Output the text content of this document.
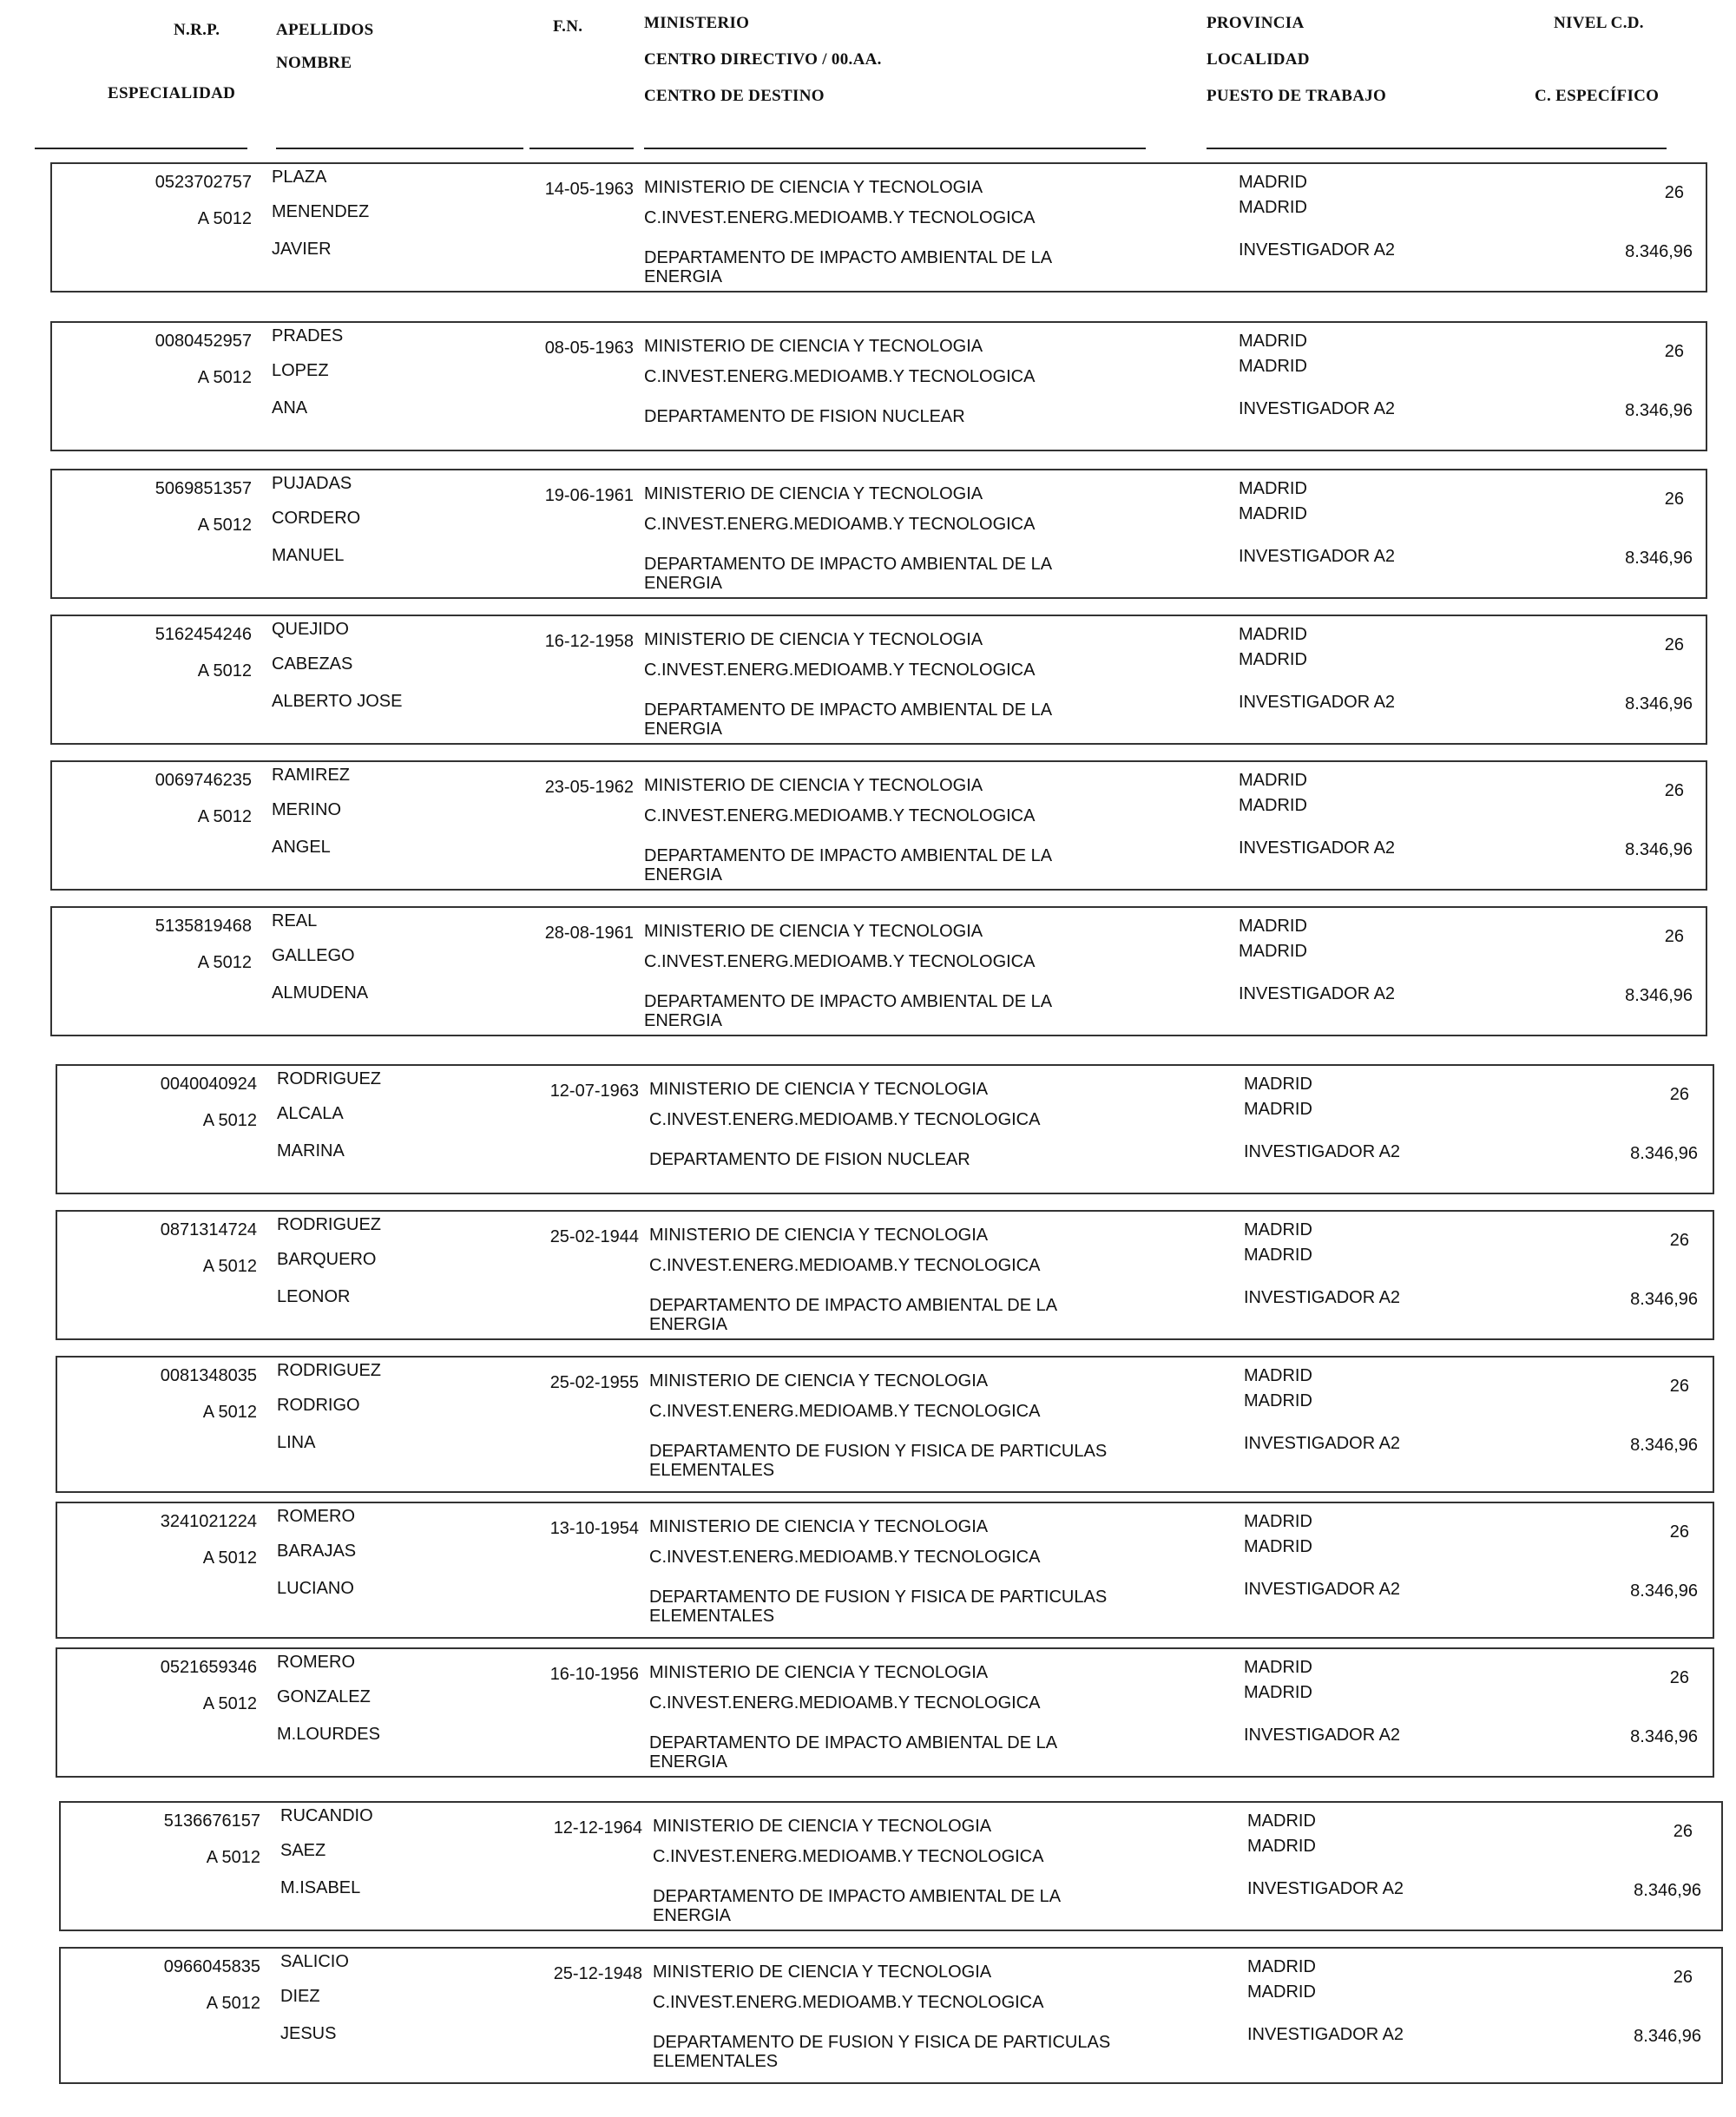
N.R.P.	APELLIDOS
NOMBRE
ESPECIALIDAD
F.N.	MINISTERIO
CENTRO DIRECTIVO / 00.AA.
CENTRO DE DESTINO
PROVINCIA
LOCALIDAD
PUESTO DE TRABAJO
NIVEL C.D.
C. ESPECÍFICO
0523702757
A 5012
PLAZA
MENENDEZ
JAVIER
14-05-1963 MINISTERIO DE CIENCIA Y TECNOLOGIA
C.INVEST.ENERG.MEDIOAMB.Y TECNOLOGICA
DEPARTAMENTO DE IMPACTO AMBIENTAL DE LA ENERGIA
MADRID
MADRID
INVESTIGADOR A2
26
8.346,96
0080452957
A 5012
PRADES
LOPEZ
ANA
08-05-1963 MINISTERIO DE CIENCIA Y TECNOLOGIA
C.INVEST.ENERG.MEDIOAMB.Y TECNOLOGICA
DEPARTAMENTO DE FISION NUCLEAR
MADRID
MADRID
INVESTIGADOR A2
26
8.346,96
5069851357
A 5012
PUJADAS
CORDERO
MANUEL
19-06-1961 MINISTERIO DE CIENCIA Y TECNOLOGIA
C.INVEST.ENERG.MEDIOAMB.Y TECNOLOGICA
DEPARTAMENTO DE IMPACTO AMBIENTAL DE LA ENERGIA
MADRID
MADRID
INVESTIGADOR A2
26
8.346,96
5162454246
A 5012
QUEJIDO
CABEZAS
ALBERTO JOSE
16-12-1958 MINISTERIO DE CIENCIA Y TECNOLOGIA
C.INVEST.ENERG.MEDIOAMB.Y TECNOLOGICA
DEPARTAMENTO DE IMPACTO AMBIENTAL DE LA ENERGIA
MADRID
MADRID
INVESTIGADOR A2
26
8.346,96
0069746235
A 5012
RAMIREZ
MERINO
ANGEL
23-05-1962 MINISTERIO DE CIENCIA Y TECNOLOGIA
C.INVEST.ENERG.MEDIOAMB.Y TECNOLOGICA
DEPARTAMENTO DE IMPACTO AMBIENTAL DE LA ENERGIA
MADRID
MADRID
INVESTIGADOR A2
26
8.346,96
5135819468
A 5012
REAL
GALLEGO
ALMUDENA
28-08-1961 MINISTERIO DE CIENCIA Y TECNOLOGIA
C.INVEST.ENERG.MEDIOAMB.Y TECNOLOGICA
DEPARTAMENTO DE IMPACTO AMBIENTAL DE LA ENERGIA
MADRID
MADRID
INVESTIGADOR A2
26
8.346,96
0040040924
A 5012
RODRIGUEZ
ALCALA
MARINA
12-07-1963 MINISTERIO DE CIENCIA Y TECNOLOGIA
C.INVEST.ENERG.MEDIOAMB.Y TECNOLOGICA
DEPARTAMENTO DE FISION NUCLEAR
MADRID
MADRID
INVESTIGADOR A2
26
8.346,96
0871314724
A 5012
RODRIGUEZ
BARQUERO
LEONOR
25-02-1944 MINISTERIO DE CIENCIA Y TECNOLOGIA
C.INVEST.ENERG.MEDIOAMB.Y TECNOLOGICA
DEPARTAMENTO DE IMPACTO AMBIENTAL DE LA ENERGIA
MADRID
MADRID
INVESTIGADOR A2
26
8.346,96
0081348035
A 5012
RODRIGUEZ
RODRIGO
LINA
25-02-1955 MINISTERIO DE CIENCIA Y TECNOLOGIA
C.INVEST.ENERG.MEDIOAMB.Y TECNOLOGICA
DEPARTAMENTO DE FUSION Y FISICA DE PARTICULAS ELEMENTALES
MADRID
MADRID
INVESTIGADOR A2
26
8.346,96
3241021224
A 5012
ROMERO
BARAJAS
LUCIANO
13-10-1954 MINISTERIO DE CIENCIA Y TECNOLOGIA
C.INVEST.ENERG.MEDIOAMB.Y TECNOLOGICA
DEPARTAMENTO DE FUSION Y FISICA DE PARTICULAS ELEMENTALES
MADRID
MADRID
INVESTIGADOR A2
26
8.346,96
0521659346
A 5012
ROMERO
GONZALEZ
M.LOURDES
16-10-1956 MINISTERIO DE CIENCIA Y TECNOLOGIA
C.INVEST.ENERG.MEDIOAMB.Y TECNOLOGICA
DEPARTAMENTO DE IMPACTO AMBIENTAL DE LA ENERGIA
MADRID
MADRID
INVESTIGADOR A2
26
8.346,96
5136676157
A 5012
RUCANDIO
SAEZ
M.ISABEL
12-12-1964 MINISTERIO DE CIENCIA Y TECNOLOGIA
C.INVEST.ENERG.MEDIOAMB.Y TECNOLOGICA
DEPARTAMENTO DE IMPACTO AMBIENTAL DE LA ENERGIA
MADRID
MADRID
INVESTIGADOR A2
26
8.346,96
0966045835
A 5012
SALICIO
DIEZ
JESUS
25-12-1948 MINISTERIO DE CIENCIA Y TECNOLOGIA
C.INVEST.ENERG.MEDIOAMB.Y TECNOLOGICA
DEPARTAMENTO DE FUSION Y FISICA DE PARTICULAS ELEMENTALES
MADRID
MADRID
INVESTIGADOR A2
26
8.346,96
